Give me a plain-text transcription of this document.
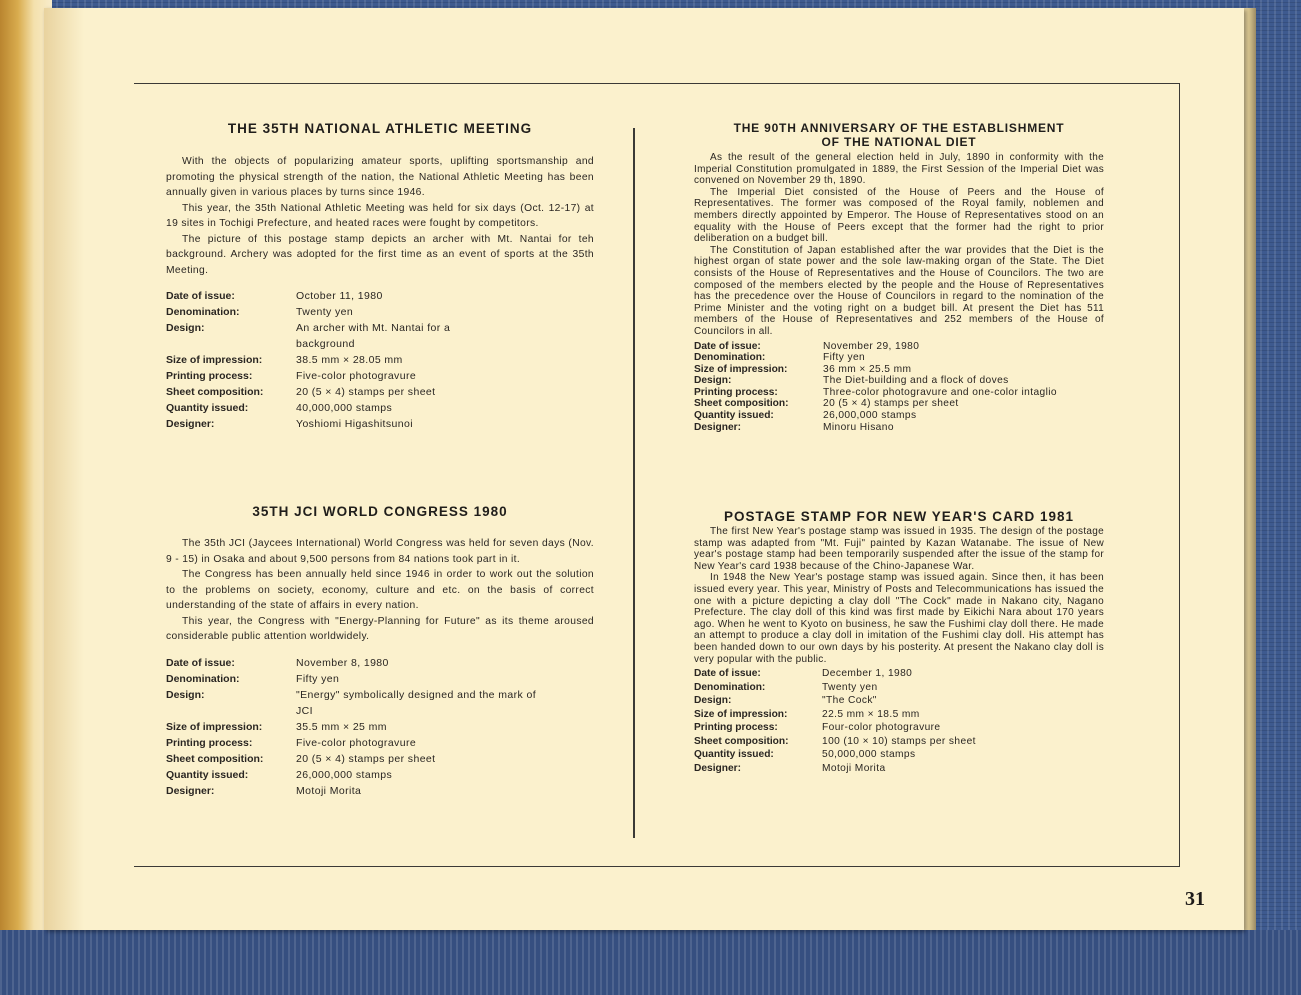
THE 35TH NATIONAL ATHLETIC MEETING

With the objects of popularizing amateur sports, uplifting sportsmanship and promoting the physical strength of the nation, the National Athletic Meeting has been annually given in various places by turns since 1946.

This year, the 35th National Athletic Meeting was held for six days (Oct. 12-17) at 19 sites in Tochigi Prefecture, and heated races were fought by competitors.

The picture of this postage stamp depicts an archer with Mt. Nantai for teh background. Archery was adopted for the first time as an event of sports at the 35th Meeting.

Date of issue:	October 11, 1980
Denomination:	Twenty yen
Design:	An archer with Mt. Nantai for a background
Size of impression:	38.5 mm × 28.05 mm
Printing process:	Five-color photogravure
Sheet composition:	20 (5 × 4) stamps per sheet
Quantity issued:	40,000,000 stamps
Designer:	Yoshiomi Higashitsunoi
35TH JCI WORLD CONGRESS 1980

The 35th JCI (Jaycees International) World Congress was held for seven days (Nov. 9 - 15) in Osaka and about 9,500 persons from 84 nations took part in it.

The Congress has been annually held since 1946 in order to work out the solution to the problems on society, economy, culture and etc. on the basis of correct understanding of the state of affairs in every nation.

This year, the Congress with "Energy-Planning for Future" as its theme aroused considerable public attention worldwidely.

Date of issue:	November 8, 1980
Denomination:	Fifty yen
Design:	"Energy" symbolically designed and the mark of JCI
Size of impression:	35.5 mm × 25 mm
Printing process:	Five-color photogravure
Sheet composition:	20 (5 × 4) stamps per sheet
Quantity issued:	26,000,000 stamps
Designer:	Motoji Morita
THE 90TH ANNIVERSARY OF THE ESTABLISHMENT
OF THE NATIONAL DIET

As the result of the general election held in July, 1890 in conformity with the Imperial Constitution promulgated in 1889, the First Session of the Imperial Diet was convened on November 29 th, 1890.

The Imperial Diet consisted of the House of Peers and the House of Representatives. The former was composed of the Royal family, noblemen and members directly appointed by Emperor. The House of Representatives stood on an equality with the House of Peers except that the former had the right to prior deliberation on a budget bill.

The Constitution of Japan established after the war provides that the Diet is the highest organ of state power and the sole law-making organ of the State. The Diet consists of the House of Representatives and the House of Councilors. The two are composed of the members elected by the people and the House of Representatives has the precedence over the House of Councilors in regard to the nomination of the Prime Minister and the voting right on a budget bill. At present the Diet has 511 members of the House of Representatives and 252 members of the House of Councilors in all.

Date of issue:	November 29, 1980
Denomination:	Fifty yen
Size of impression:	36 mm × 25.5 mm
Design:	The Diet-building and a flock of doves
Printing process:	Three-color photogravure and one-color intaglio
Sheet composition:	20 (5 × 4) stamps per sheet
Quantity issued:	26,000,000 stamps
Designer:	Minoru Hisano
POSTAGE STAMP FOR NEW YEAR'S CARD 1981

The first New Year's postage stamp was issued in 1935. The design of the postage stamp was adapted from "Mt. Fuji" painted by Kazan Watanabe. The issue of New year's postage stamp had been temporarily suspended after the issue of the stamp for New Year's card 1938 because of the Chino-Japanese War.

In 1948 the New Year's postage stamp was issued again. Since then, it has been issued every year. This year, Ministry of Posts and Telecommunications has issued the one with a picture depicting a clay doll "The Cock" made in Nakano city, Nagano Prefecture. The clay doll of this kind was first made by Eikichi Nara about 170 years ago. When he went to Kyoto on business, he saw the Fushimi clay doll there. He made an attempt to produce a clay doll in imitation of the Fushimi clay doll. His attempt has been handed down to our own days by his posterity. At present the Nakano clay doll is very popular with the public.

Date of issue:	December 1, 1980
Denomination:	Twenty yen
Design:	"The Cock"
Size of impression:	22.5 mm × 18.5 mm
Printing process:	Four-color photogravure
Sheet composition:	100 (10 × 10) stamps per sheet
Quantity issued:	50,000,000 stamps
Designer:	Motoji Morita
31
